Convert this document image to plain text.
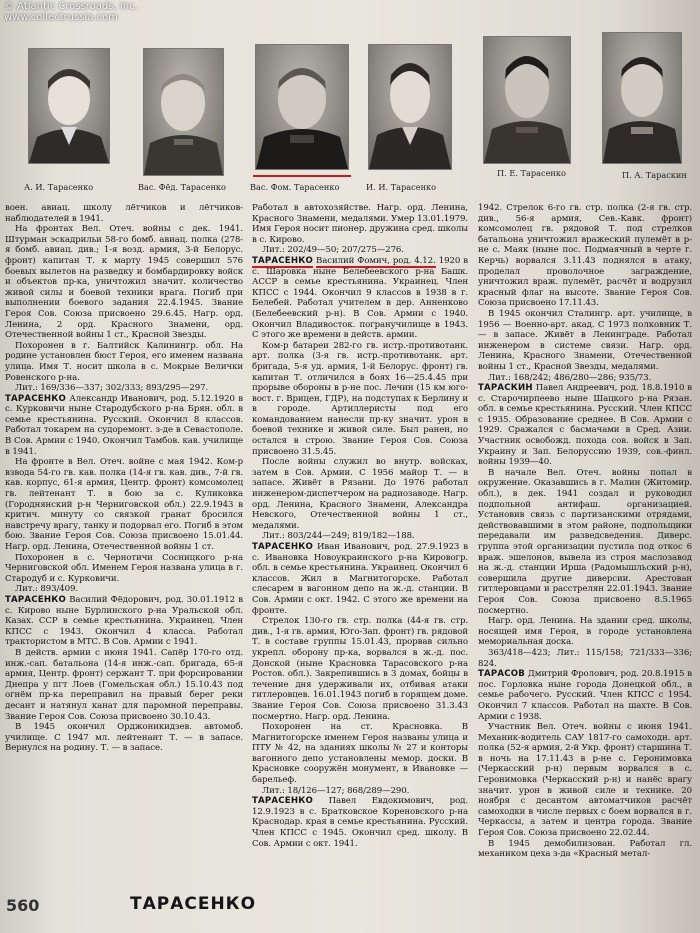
© Atlantic Crossroads, Inc.
www.collectrussia.com
А. И. Тарасенко	Вас. Фёд. Тарасенко	Вас. Фом. Тарасенко	И. И. Тарасенко
П. Е. Тарасенко	П. А. Тараскин

воен. авиац. школу лётчиков и лётчиков-наблюдателей в 1941.

На фронтах Вел. Отеч. войны с дек. 1941. Штурман эскадрильи 58-го бомб. авиац. полка (278-я бомб. авиац. див.; 1-я возд. армия, 3-й Белорус. фронт) капитан Т. к марту 1945 совершил 576 боевых вылетов на разведку и бомбардировку войск и объектов пр-ка, уничтожил значит. количество живой силы и боевой техники врага. Погиб при выполнении боевого задания 22.4.1945. Звание Героя Сов. Союза присвоено 29.6.45. Нагр. орд. Ленина, 2 орд. Красного Знамени, орд. Отечественной войны 1 ст., Красной Звезды.

Похоронен в г. Балтийск Калинингр. обл. На родине установлен бюст Героя, его именем названа улица. Имя Т. носит школа в с. Мокрые Велички Ровенского р-на.

Лит.: 169/336—337; 302/333; 893/295—297.

ТАРАСЕНКО Александр Иванович, род. 5.12.1920 в с. Курковичи ныне Стародубского р-на Брян. обл. в семье крестьянина. Русский. Окончил 8 классов. Работал токарем на судоремонт. з-де в Севастополе. В Сов. Армии с 1940. Окончил Тамбов. кав. училище в 1941.

На фронте в Вел. Отеч. войне с мая 1942. Ком-р взвода 54-го гв. кав. полка (14-я гв. кав. див., 7-й гв. кав. корпус, 61-я армия, Центр. фронт) комсомолец гв. лейтенант Т. в бою за с. Куликовка (Городнянский р-н Черниговской обл.) 22.9.1943 в критич. минуту со связкой гранат бросился навстречу врагу, танку и подорвал его. Погиб в этом бою. Звание Героя Сов. Союза присвоено 15.01.44. Нагр. орд. Ленина, Отечественной войны 1 ст.

Похоронен в с. Чернотичи Сосницкого р-на Черниговской обл. Именем Героя названа улица в г. Стародуб и с. Курковичи.

Лит.: 893/409.

ТАРАСЕНКО Василий Фёдорович, род. 30.01.1912 в с. Кирово ныне Бурлинского р-на Уральской обл. Казах. ССР в семье крестьянина. Украинец. Член КПСС с 1943. Окончил 4 класса. Работал трактористом в МТС. В Сов. Армии с 1941.

В действ. армии с июня 1941. Сапёр 170-го отд. инж.-сап. батальона (14-я инж.-сап. бригада, 65-я армия, Центр. фронт) сержант Т. при форсировании Днепра у пгт Лоев (Гомельская обл.) 15.10.43 под огнём пр-ка переправил на правый берег реки десант и натянул канат для паромной переправы. Звание Героя Сов. Союза присвоено 30.10.43.

В 1945 окончил Орджоникидзев. автомоб. училище. С 1947 мл. лейтенант Т. — в запасе. Вернулся на родину. Т. — в запасе.

Работал в автохозяйстве. Нагр. орд. Ленина, Красного Знамени, медалями. Умер 13.01.1979. Имя Героя носит пионер. дружина сред. школы в с. Кирово.

Лит.: 202/49—50; 207/275—276.

ТАРАСЕНКО Василий Фомич, род. 4.12. 1920 в с. Шаровка ныне Белебеевского р-на Башк. АССР в семье крестьянина. Украинец. Член КПСС с 1944. Окончил 9 классов в 1938 в г. Белебей. Работал учителем в дер. Анненково (Белебеевский р-н). В Сов. Армии с 1940. Окончил Владивосток. погранучилище в 1943. С этого же времени в действ. армии.

Ком-р батареи 282-го гв. истр.-противотанк. арт. полка (3-я гв. истр.-противотанк. арт. бригада, 5-я уд. армия, 1-й Белорус. фронт) гв. капитан Т. отличился в боях 16—25.4.45 при прорыве обороны в р-не пос. Лечин (15 км юго-вост. г. Врицен, ГДР), на подступах к Берлину и в городе. Артиллеристы под его командованием нанесли пр-ку значит. урон в боевой технике и живой силе. Был ранен, но остался в строю. Звание Героя Сов. Союза присвоено 31.5.45.

После войны служил во внутр. войсках, затем в Сов. Армии. С 1956 майор Т. — в запасе. Живёт в Рязани. До 1976 работал инженером-диспетчером на радиозаводе. Нагр. орд. Ленина, Красного Знамени, Александра Невского, Отечественной войны 1 ст., медалями.

Лит.: 803/244—249; 819/182—188.

ТАРАСЕНКО Иван Иванович, род. 27.9.1923 в с. Ивановка Новоукраинского р-на Кировогр. обл. в семье крестьянина. Украинец. Окончил 6 классов. Жил в Магнитогорске. Работал слесарем в вагонном депо на ж.-д. станции. В Сов. Армии с окт. 1942. С этого же времени на фронте.

Стрелок 130-го гв. стр. полка (44-я гв. стр. див., 1-я гв. армия, Юго-Зап. фронт) гв. рядовой Т. в составе группы 15.01.43, прорвав сильно укрепл. оборону пр-ка, ворвался в ж.-д. пос. Донской (ныне Красновка Тарасовского р-на Ростов. обл.). Закрепившись в 3 домах, бойцы в течение дня удерживали их, отбивая атаки гитлеровцев. 16.01.1943 погиб в горящем доме. Звание Героя Сов. Союза присвоено 31.3.43 посмертно. Нагр. орд. Ленина.

Похоронен на ст. Красновка. В Магнитогорске именем Героя названы улица и ПТУ № 42, на зданиях школы № 27 и конторы вагонного депо установлены мемор. доски. В Красновке сооружён монумент, в Ивановке — барельеф.

Лит.: 18/126—127; 868/289—290.

ТАРАСЕНКО Павел Евдокимович, род. 12.9.1923 в с. Братковское Кореновского р-на Краснодар. края в семье крестьянина. Русский. Член КПСС с 1945. Окончил сред. школу. В Сов. Армии с окт. 1941.

1942. Стрелок 6-го гв. стр. полка (2-я гв. стр. див., 56-я армия, Сев.-Кавк. фронт) комсомолец гв. рядовой Т. под стрелков батальона уничтожил вражеский пулемёт в р-не с. Маяк (ныне пос. Подмаячный в черте г. Керчь) ворвался 3.11.43 поднялся в атаку, проделал проволочное заграждение, уничтожил враж. пулемёт, расчёт и водрузил красный флаг на высоте. Звание Героя Сов. Союза присвоено 17.11.43.

В 1945 окончил Сталингр. арт. училище, в 1956 — Военно-арт. акад. С 1973 полковник Т. — в запасе. Живёт в Ленинграде. Работал инженером в системе связи. Нагр. орд. Ленина, Красного Знамени, Отечественной войны 1 ст., Красной Звезды, медалями.

Лит.: 168/242; 486/280—286; 935/73.

ТАРАСКИН Павел Андреевич, род. 18.8.1910 в с. Старочирпеево ныне Шацкого р-на Рязан. обл. в семье крестьянина. Русский. Член КПСС с 1935. Образование среднее. В Сов. Армии с 1929. Сражался с басмачами в Сред. Азии. Участник освобожд. похода сов. войск в Зап. Украину и Зап. Белоруссию 1939, сов.-финл. войны 1939—40.

В начале Вел. Отеч. войны попал в окружение. Оказавшись в г. Малин (Житомир. обл.), в дек. 1941 создал и руководил подпольной антифаш. организацией. Установив связь с партизанскими отрядами, действовавшими в этом районе, подпольщики передавали им разведсведения. Диверс. группа этой организации пустила под откос 6 враж. эшелонов, вывела из строя маслозавод на ж.-д. станции Ирша (Радомышльский р-н), совершила другие диверсии. Арестован гитлеровцами и расстрелян 22.01.1943. Звание Героя Сов. Союза присвоено 8.5.1965 посмертно.

Нагр. орд. Ленина. На здании сред. школы, носящей имя Героя, в городе установлена мемориальная доска.

363/418—423; Лит.: 115/158; 721/333—336; 824.

ТАРАСОВ Дмитрий Фролович, род. 20.8.1915 в пос. Горловка ныне города Донецкой обл., в семье рабочего. Русский. Член КПСС с 1954. Окончил 7 классов. Работал на шахте. В Сов. Армии с 1938.

Участник Вел. Отеч. войны с июня 1941. Механик-водитель САУ 1817-го самоходн. арт. полка (52-я армия, 2-й Укр. фронт) старшина Т. в ночь на 17.11.43 в р-не с. Геронимовка (Черкасский р-н) первым ворвался в с. Геронимовка (Черкасский р-н) и нанёс врагу значит. урон в живой силе и технике. 20 ноября с десантом автоматчиков расчёт самоходки в числе первых с боем ворвался в г. Черкассы, а затем и центра города. Звание Героя Сов. Союза присвоено 22.02.44.

В 1945 демобилизован. Работал гл. механиком цеха з-да «Красный метал-

560	ТАРАСЕНКО
